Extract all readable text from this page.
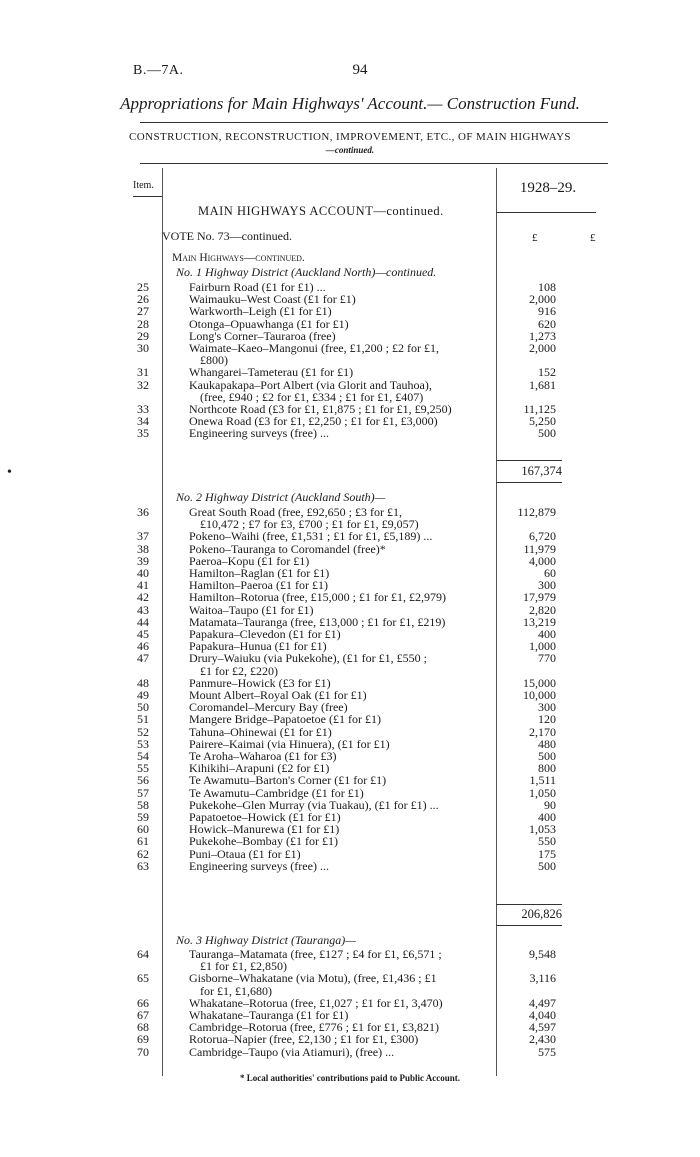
B.—7A.	94
Appropriations for Main Highways' Account.— Construction Fund.
CONSTRUCTION, RECONSTRUCTION, IMPROVEMENT, ETC., OF MAIN HIGHWAYS
—continued.
Item.	1928–29.
MAIN HIGHWAYS ACCOUNT—continued.
VOTE No. 73—continued.	£	£
Main Highways—continued.
•
No. 1 Highway District (Auckland North)—continued.
25	Fairburn Road (£1 for £1) ...	108
26	Waimauku–West Coast (£1 for £1)	2,000
27	Warkworth–Leigh (£1 for £1)	916
28	Otonga–Opuawhanga (£1 for £1)	620
29	Long's Corner–Tauraroa (free)	1,273
30	Waimate–Kaeo–Mangonui (free, £1,200 ; £2 for £1,	2,000
£800)
31	Whangarei–Tameterau (£1 for £1)	152
32	Kaukapakapa–Port Albert (via Glorit and Tauhoa),	1,681
(free, £940 ; £2 for £1, £334 ; £1 for £1, £407)
33	Northcote Road (£3 for £1, £1,875 ; £1 for £1, £9,250)	11,125
34	Onewa Road (£3 for £1, £2,250 ; £1 for £1, £3,000)	5,250
35	Engineering surveys (free) ...	500
167,374
No. 2 Highway District (Auckland South)—
36	Great South Road (free, £92,650 ; £3 for £1,	112,879
£10,472 ; £7 for £3, £700 ; £1 for £1, £9,057)
37	Pokeno–Waihi (free, £1,531 ; £1 for £1, £5,189) ...	6,720
38	Pokeno–Tauranga to Coromandel (free)*	11,979
39	Paeroa–Kopu (£1 for £1)	4,000
40	Hamilton–Raglan (£1 for £1)	60
41	Hamilton–Paeroa (£1 for £1)	300
42	Hamilton–Rotorua (free, £15,000 ; £1 for £1, £2,979)	17,979
43	Waitoa–Taupo (£1 for £1)	2,820
44	Matamata–Tauranga (free, £13,000 ; £1 for £1, £219)	13,219
45	Papakura–Clevedon (£1 for £1)	400
46	Papakura–Hunua (£1 for £1)	1,000
47	Drury–Waiuku (via Pukekohe), (£1 for £1, £550 ;	770
£1 for £2, £220)
48	Panmure–Howick (£3 for £1)	15,000
49	Mount Albert–Royal Oak (£1 for £1)	10,000
50	Coromandel–Mercury Bay (free)	300
51	Mangere Bridge–Papatoetoe (£1 for £1)	120
52	Tahuna–Ohinewai (£1 for £1)	2,170
53	Pairere–Kaimai (via Hinuera), (£1 for £1)	480
54	Te Aroha–Waharoa (£1 for £3)	500
55	Kihikihi–Arapuni (£2 for £1)	800
56	Te Awamutu–Barton's Corner (£1 for £1)	1,511
57	Te Awamutu–Cambridge (£1 for £1)	1,050
58	Pukekohe–Glen Murray (via Tuakau), (£1 for £1) ...	90
59	Papatoetoe–Howick (£1 for £1)	400
60	Howick–Manurewa (£1 for £1)	1,053
61	Pukekohe–Bombay (£1 for £1)	550
62	Puni–Otaua (£1 for £1)	175
63	Engineering surveys (free) ...	500
206,826
No. 3 Highway District (Tauranga)—
64	Tauranga–Matamata (free, £127 ; £4 for £1, £6,571 ;	9,548
£1 for £1, £2,850)
65	Gisborne–Whakatane (via Motu), (free, £1,436 ; £1	3,116
for £1, £1,680)
66	Whakatane–Rotorua (free, £1,027 ; £1 for £1, 3,470)	4,497
67	Whakatane–Tauranga (£1 for £1)	4,040
68	Cambridge–Rotorua (free, £776 ; £1 for £1, £3,821)	4,597
69	Rotorua–Napier (free, £2,130 ; £1 for £1, £300)	2,430
70	Cambridge–Taupo (via Atiamuri), (free) ...	575
* Local authorities' contributions paid to Public Account.
